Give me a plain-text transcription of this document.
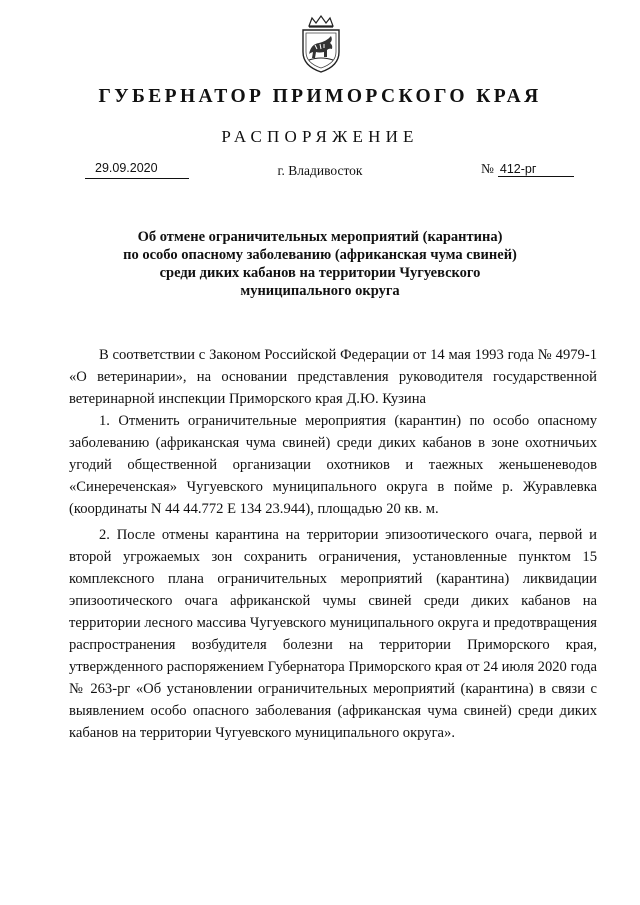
ГУБЕРНАТОР ПРИМОРСКОГО КРАЯ
РАСПОРЯЖЕНИЕ
29.09.2020	г. Владивосток	№ 412-рг
Об отмене ограничительных мероприятий (карантина)
по особо опасному заболеванию (африканская чума свиней)
среди диких кабанов на территории Чугуевского
муниципального округа

В соответствии с Законом Российской Федерации от 14 мая 1993 года № 4979-1 «О ветеринарии», на основании представления руководителя государственной ветеринарной инспекции Приморского края Д.Ю. Кузина

1. Отменить ограничительные мероприятия (карантин) по особо опасному заболеванию (африканская чума свиней) среди диких кабанов в зоне охотничьих угодий общественной организации охотников и таежных женьшеневодов «Синереченская» Чугуевского муниципального округа в пойме р. Журавлевка (координаты N 44 44.772 E 134 23.944), площадью 20 кв. м.

2. После отмены карантина на территории эпизоотического очага, первой и второй угрожаемых зон сохранить ограничения, установленные пунктом 15 комплексного плана ограничительных мероприятий (карантина) ликвидации эпизоотического очага африканской чумы свиней среди диких кабанов на территории лесного массива Чугуевского муниципального округа и предотвращения распространения возбудителя болезни на территории Приморского края, утвержденного распоряжением Губернатора Приморского края от 24 июля 2020 года № 263-рг «Об установлении ограничительных мероприятий (карантина) в связи с выявлением особо опасного заболевания (африканская чума свиней) среди диких кабанов на территории Чугуевского муниципального округа».
